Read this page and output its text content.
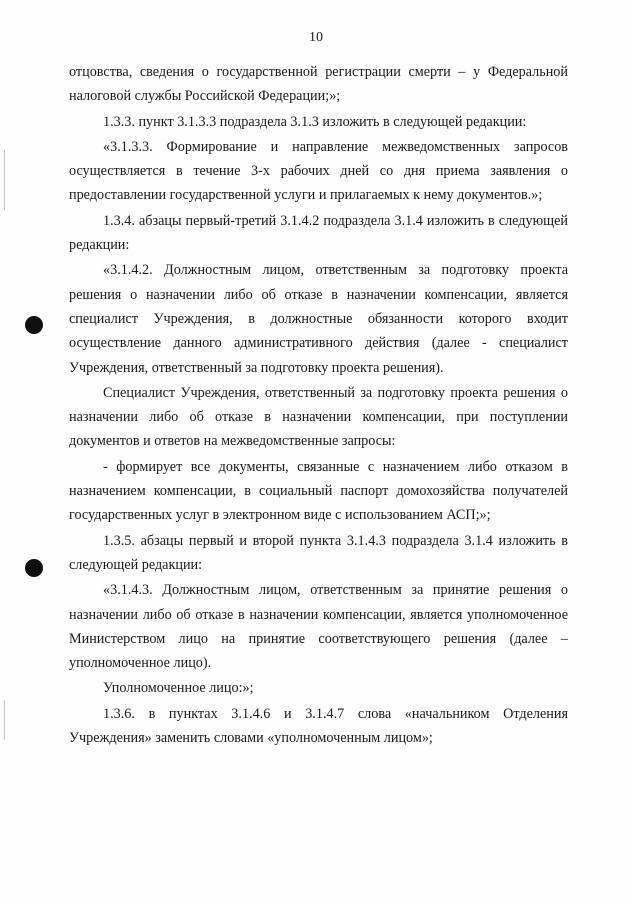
10

отцовства, сведения о государственной регистрации смерти – у Федеральной налоговой службы Российской Федерации;»;

1.3.3. пункт 3.1.3.3 подраздела 3.1.3 изложить в следующей редакции:

«3.1.3.3. Формирование и направление межведомственных запросов осуществляется в течение 3-х рабочих дней со дня приема заявления о предоставлении государственной услуги и прилагаемых к нему документов.»;

1.3.4. абзацы первый-третий 3.1.4.2 подраздела 3.1.4 изложить в следующей редакции:

«3.1.4.2. Должностным лицом, ответственным за подготовку проекта решения о назначении либо об отказе в назначении компенсации, является специалист Учреждения, в должностные обязанности которого входит осуществление данного административного действия (далее - специалист Учреждения, ответственный за подготовку проекта решения).

Специалист Учреждения, ответственный за подготовку проекта решения о назначении либо об отказе в назначении компенсации, при поступлении документов и ответов на межведомственные запросы:

- формирует все документы, связанные с назначением либо отказом в назначением компенсации, в социальный паспорт домохозяйства получателей государственных услуг в электронном виде с использованием АСП;»;

1.3.5. абзацы первый и второй пункта 3.1.4.3 подраздела 3.1.4 изложить в следующей редакции:

«3.1.4.3. Должностным лицом, ответственным за принятие решения о назначении либо об отказе в назначении компенсации, является уполномоченное Министерством лицо на принятие соответствующего решения (далее – уполномоченное лицо).

Уполномоченное лицо:»;

1.3.6. в пунктах 3.1.4.6 и 3.1.4.7 слова «начальником Отделения Учреждения» заменить словами «уполномоченным лицом»;
